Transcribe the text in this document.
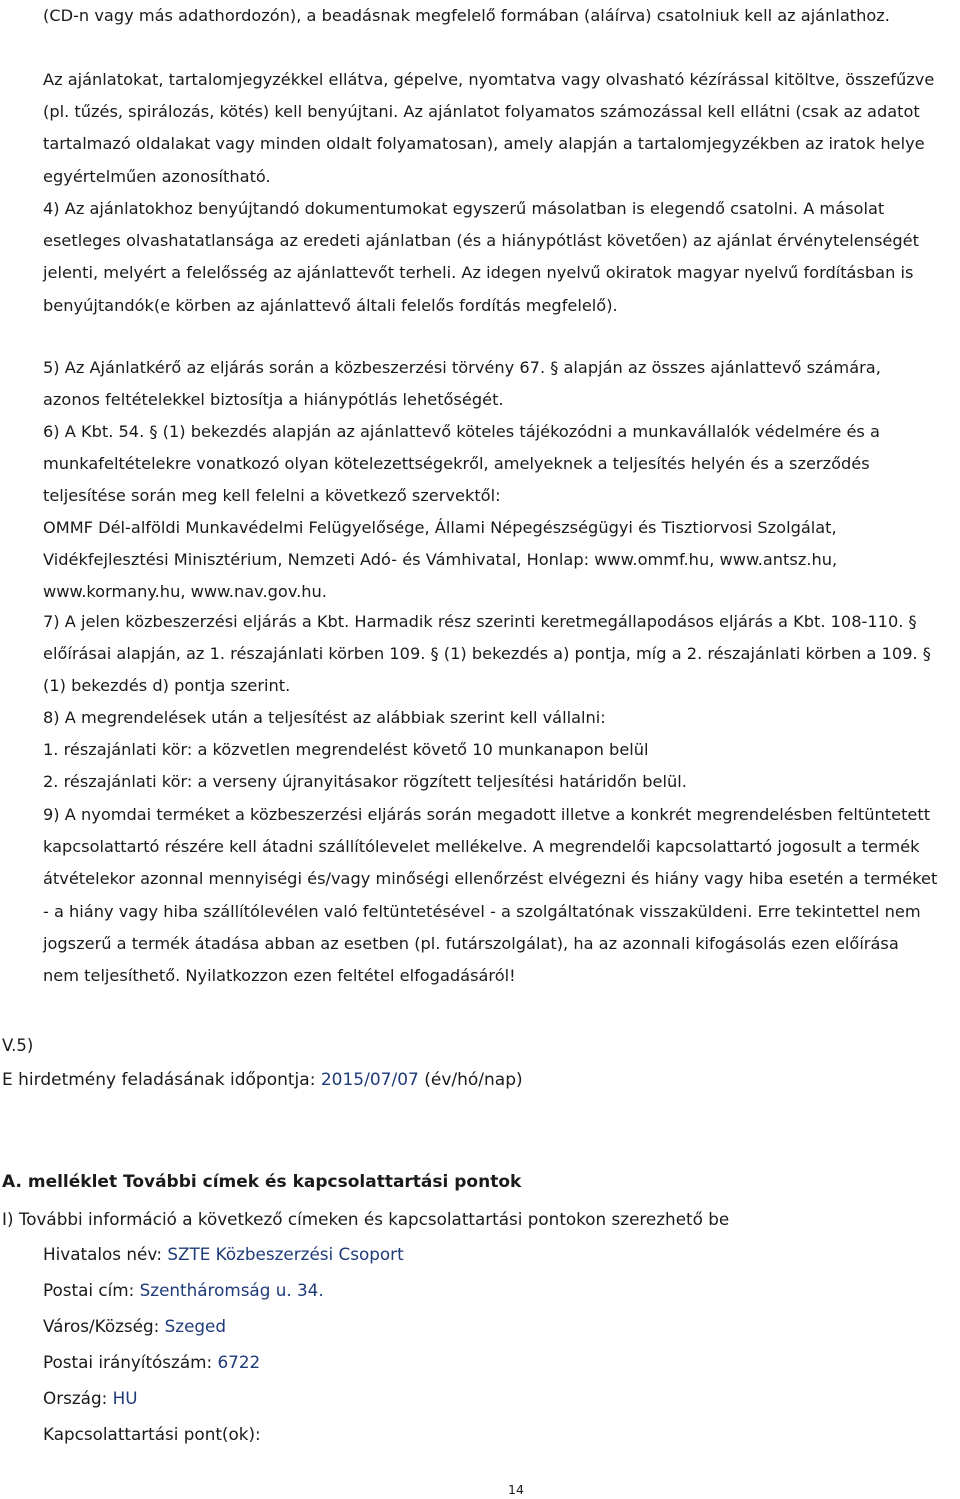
(CD-n vagy más adathordozón), a beadásnak megfelelő formában (aláírva) csatolniuk kell az ajánlathoz.
Az ajánlatokat, tartalomjegyzékkel ellátva, gépelve, nyomtatva vagy olvasható kézírással kitöltve, összefűzve (pl. tűzés, spirálozás, kötés) kell benyújtani. Az ajánlatot folyamatos számozással kell ellátni (csak az adatot tartalmazó oldalakat vagy minden oldalt folyamatosan), amely alapján a tartalomjegyzékben az iratok helye egyértelműen azonosítható.
4) Az ajánlatokhoz benyújtandó dokumentumokat egyszerű másolatban is elegendő csatolni. A másolat esetleges olvashatatlansága az eredeti ajánlatban (és a hiánypótlást követően) az ajánlat érvénytelenségét jelenti, melyért a felelősség az ajánlattevőt terheli. Az idegen nyelvű okiratok magyar nyelvű fordításban is benyújtandók(e körben az ajánlattevő általi felelős fordítás megfelelő).
5) Az Ajánlatkérő az eljárás során a közbeszerzési törvény 67. § alapján az összes ajánlattevő számára, azonos feltételekkel biztosítja a hiánypótlás lehetőségét.
6) A Kbt. 54. § (1) bekezdés alapján az ajánlattevő köteles tájékozódni a munkavállalók védelmére és a munkafeltételekre vonatkozó olyan kötelezettségekről, amelyeknek a teljesítés helyén és a szerződés teljesítése során meg kell felelni a következő szervektől:
OMMF Dél-alföldi Munkavédelmi Felügyelősége, Állami Népegészségügyi és Tisztiorvosi Szolgálat, Vidékfejlesztési Minisztérium, Nemzeti Adó- és Vámhivatal, Honlap: www.ommf.hu, www.antsz.hu, www.kormany.hu, www.nav.gov.hu.
7) A jelen közbeszerzési eljárás a Kbt. Harmadik rész szerinti keretmegállapodásos eljárás a Kbt. 108-110. § előírásai alapján, az 1. részajánlati körben 109. § (1) bekezdés a) pontja, míg a 2. részajánlati körben a 109. § (1) bekezdés d) pontja szerint.
8) A megrendelések után a teljesítést az alábbiak szerint kell vállalni:
1. részajánlati kör: a közvetlen megrendelést követő 10 munkanapon belül
2. részajánlati kör: a verseny újranyitásakor rögzített teljesítési határidőn belül.
9) A nyomdai terméket a közbeszerzési eljárás során megadott illetve a konkrét megrendelésben feltüntetett kapcsolattartó részére kell átadni szállítólevelet mellékelve. A megrendelői kapcsolattartó jogosult a termék átvételekor azonnal mennyiségi és/vagy minőségi ellenőrzést elvégezni és hiány vagy hiba esetén a terméket - a hiány vagy hiba szállítólevélen való feltüntetésével - a szolgáltatónak visszaküldeni. Erre tekintettel nem jogszerű a termék átadása abban az esetben (pl. futárszolgálat), ha az azonnali kifogásolás ezen előírása nem teljesíthető. Nyilatkozzon ezen feltétel elfogadásáról!
V.5)
E hirdetmény feladásának időpontja: 2015/07/07 (év/hó/nap)
A. melléklet További címek és kapcsolattartási pontok
I) További információ a következő címeken és kapcsolattartási pontokon szerezhető be
Hivatalos név: SZTE Közbeszerzési Csoport
Postai cím: Szentháromság u. 34.
Város/Község: Szeged
Postai irányítószám: 6722
Ország: HU
Kapcsolattartási pont(ok):
14
